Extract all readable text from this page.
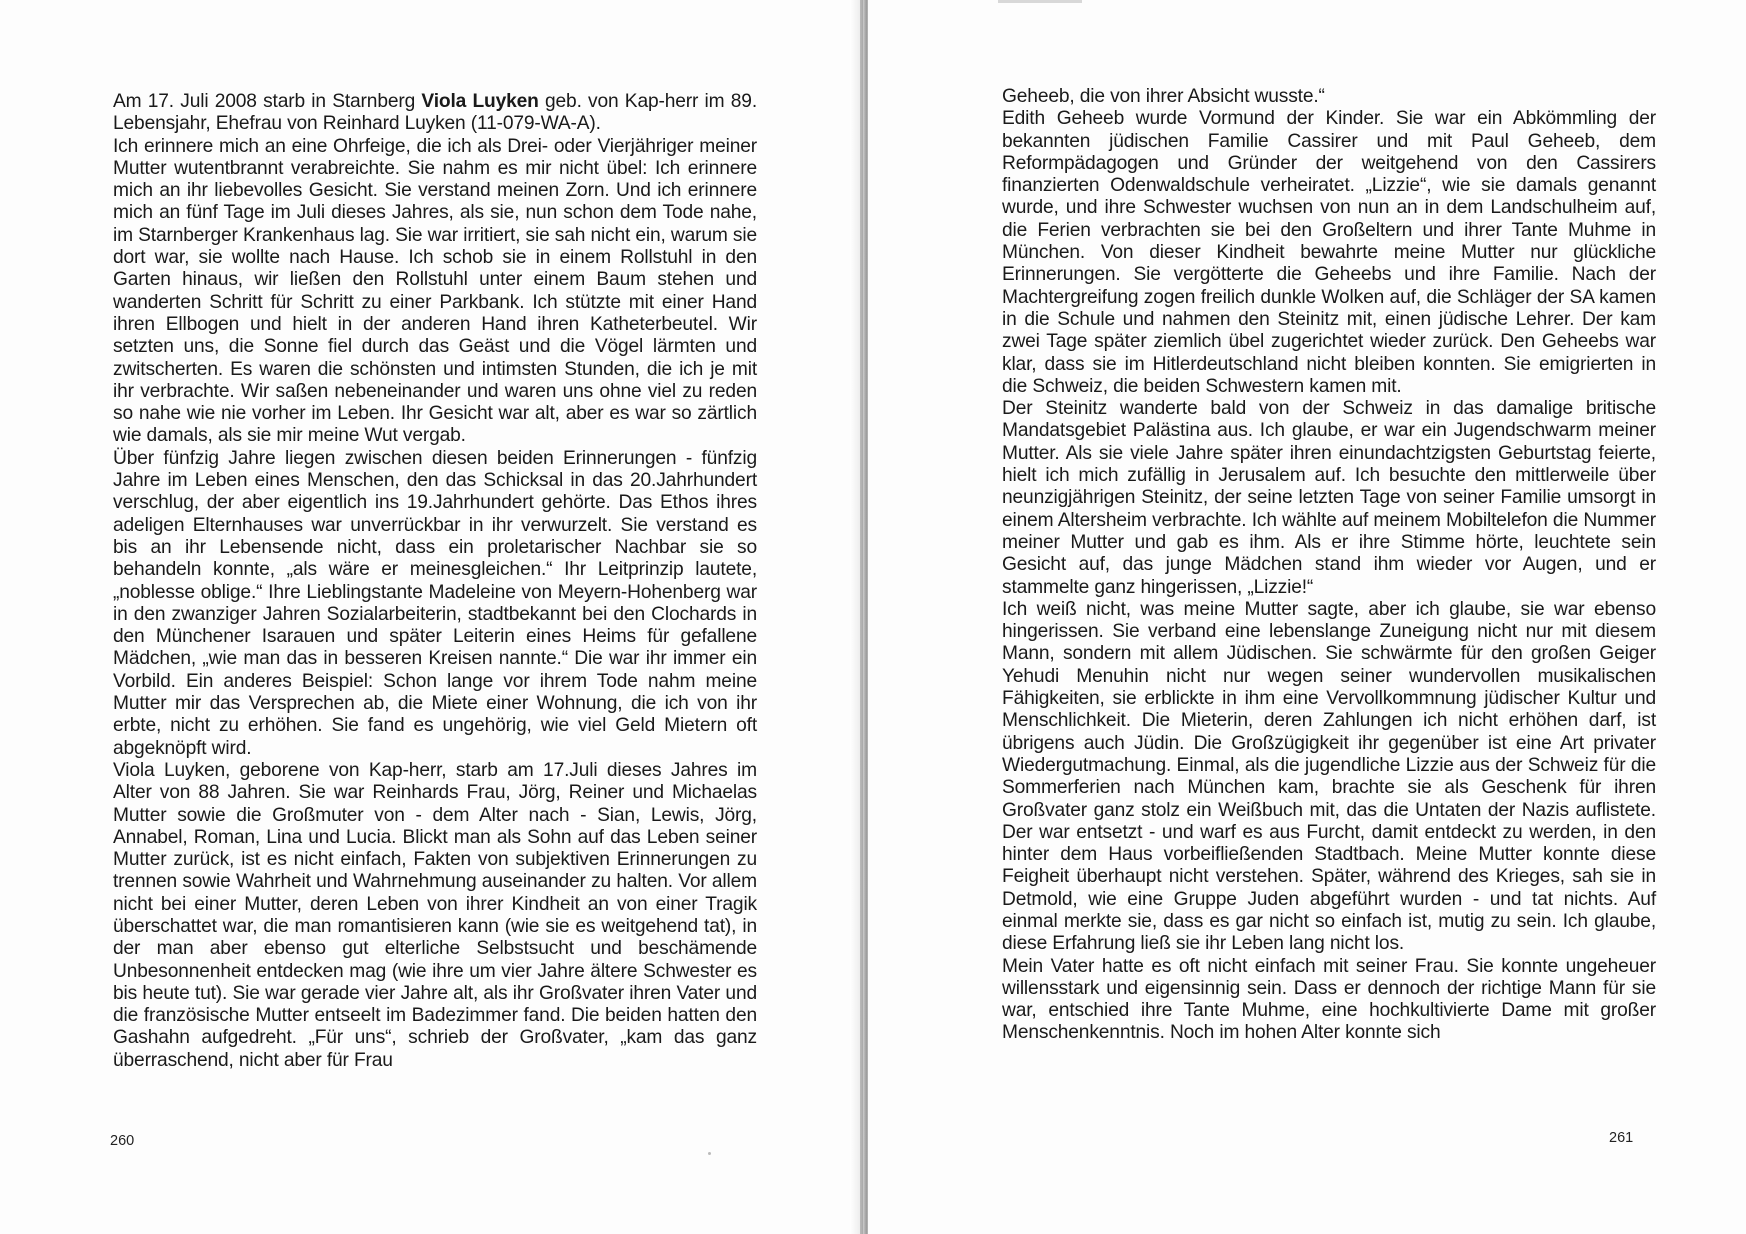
Am 17. Juli 2008 starb in Starnberg Viola Luyken geb. von Kap-herr im 89. Lebensjahr, Ehefrau von Reinhard Luyken (11-079-WA-A).

Ich erinnere mich an eine Ohrfeige, die ich als Drei- oder Vierjähriger meiner Mutter wutentbrannt verabreichte. Sie nahm es mir nicht übel: Ich erinnere mich an ihr liebevolles Gesicht. Sie verstand meinen Zorn. Und ich erinnere mich an fünf Tage im Juli dieses Jahres, als sie, nun schon dem Tode nahe, im Starnberger Krankenhaus lag. Sie war irritiert, sie sah nicht ein, warum sie dort war, sie wollte nach Hause. Ich schob sie in einem Rollstuhl in den Garten hinaus, wir ließen den Rollstuhl unter einem Baum stehen und wanderten Schritt für Schritt zu einer Parkbank. Ich stützte mit einer Hand ihren Ellbogen und hielt in der anderen Hand ihren Katheterbeutel. Wir setzten uns, die Sonne fiel durch das Geäst und die Vögel lärmten und zwitscherten. Es waren die schönsten und intimsten Stunden, die ich je mit ihr verbrachte. Wir saßen nebeneinander und waren uns ohne viel zu reden so nahe wie nie vorher im Leben. Ihr Gesicht war alt, aber es war so zärtlich wie damals, als sie mir meine Wut vergab.

Über fünfzig Jahre liegen zwischen diesen beiden Erinnerungen - fünfzig Jahre im Leben eines Menschen, den das Schicksal in das 20.Jahrhundert verschlug, der aber eigentlich ins 19.Jahrhundert gehörte. Das Ethos ihres adeligen Elternhauses war unverrückbar in ihr verwurzelt. Sie verstand es bis an ihr Lebensende nicht, dass ein proletarischer Nachbar sie so behandeln konnte, „als wäre er meinesgleichen.“ Ihr Leitprinzip lautete, „noblesse oblige.“ Ihre Lieblingstante Madeleine von Meyern-Hohenberg war in den zwanziger Jahren Sozialarbeiterin, stadtbekannt bei den Clochards in den Münchener Isarauen und später Leiterin eines Heims für gefallene Mädchen, „wie man das in besseren Kreisen nannte.“ Die war ihr immer ein Vorbild. Ein anderes Beispiel: Schon lange vor ihrem Tode nahm meine Mutter mir das Versprechen ab, die Miete einer Wohnung, die ich von ihr erbte, nicht zu erhöhen. Sie fand es ungehörig, wie viel Geld Mietern oft abgeknöpft wird.

Viola Luyken, geborene von Kap-herr, starb am 17.Juli dieses Jahres im Alter von 88 Jahren. Sie war Reinhards Frau, Jörg, Reiner und Michaelas Mutter sowie die Großmuter von - dem Alter nach - Sian, Lewis, Jörg, Annabel, Roman, Lina und Lucia. Blickt man als Sohn auf das Leben seiner Mutter zurück, ist es nicht einfach, Fakten von subjektiven Erinnerungen zu trennen sowie Wahrheit und Wahrnehmung auseinander zu halten. Vor allem nicht bei einer Mutter, deren Leben von ihrer Kindheit an von einer Tragik überschattet war, die man romantisieren kann (wie sie es weitgehend tat), in der man aber ebenso gut elterliche Selbstsucht und beschämende Unbesonnenheit entdecken mag (wie ihre um vier Jahre ältere Schwester es bis heute tut). Sie war gerade vier Jahre alt, als ihr Großvater ihren Vater und die französische Mutter entseelt im Badezimmer fand. Die beiden hatten den Gashahn aufgedreht. „Für uns“, schrieb der Großvater, „kam das ganz überraschend, nicht aber für Frau

260

Geheeb, die von ihrer Absicht wusste.“

Edith Geheeb wurde Vormund der Kinder. Sie war ein Abkömmling der bekannten jüdischen Familie Cassirer und mit Paul Geheeb, dem Reformpädagogen und Gründer der weitgehend von den Cassirers finanzierten Odenwaldschule verheiratet. „Lizzie“, wie sie damals genannt wurde, und ihre Schwester wuchsen von nun an in dem Landschulheim auf, die Ferien verbrachten sie bei den Großeltern und ihrer Tante Muhme in München. Von dieser Kindheit bewahrte meine Mutter nur glückliche Erinnerungen. Sie vergötterte die Geheebs und ihre Familie. Nach der Machtergreifung zogen freilich dunkle Wolken auf, die Schläger der SA kamen in die Schule und nahmen den Steinitz mit, einen jüdische Lehrer. Der kam zwei Tage später ziemlich übel zugerichtet wieder zurück. Den Geheebs war klar, dass sie im Hitlerdeutschland nicht bleiben konnten. Sie emigrierten in die Schweiz, die beiden Schwestern kamen mit.

Der Steinitz wanderte bald von der Schweiz in das damalige britische Mandatsgebiet Palästina aus. Ich glaube, er war ein Jugendschwarm meiner Mutter. Als sie viele Jahre später ihren einundachtzigsten Geburtstag feierte, hielt ich mich zufällig in Jerusalem auf. Ich besuchte den mittlerweile über neunzigjährigen Steinitz, der seine letzten Tage von seiner Familie umsorgt in einem Altersheim verbrachte. Ich wählte auf meinem Mobiltelefon die Nummer meiner Mutter und gab es ihm. Als er ihre Stimme hörte, leuchtete sein Gesicht auf, das junge Mädchen stand ihm wieder vor Augen, und er stammelte ganz hingerissen, „Lizzie!“

Ich weiß nicht, was meine Mutter sagte, aber ich glaube, sie war ebenso hingerissen. Sie verband eine lebenslange Zuneigung nicht nur mit diesem Mann, sondern mit allem Jüdischen. Sie schwärmte für den großen Geiger Yehudi Menuhin nicht nur wegen seiner wundervollen musikalischen Fähigkeiten, sie erblickte in ihm eine Vervollkommnung jüdischer Kultur und Menschlichkeit. Die Mieterin, deren Zahlungen ich nicht erhöhen darf, ist übrigens auch Jüdin. Die Großzügigkeit ihr gegenüber ist eine Art privater Wiedergutmachung. Einmal, als die jugendliche Lizzie aus der Schweiz für die Sommerferien nach München kam, brachte sie als Geschenk für ihren Großvater ganz stolz ein Weißbuch mit, das die Untaten der Nazis auflistete. Der war entsetzt - und warf es aus Furcht, damit entdeckt zu werden, in den hinter dem Haus vorbeifließenden Stadtbach. Meine Mutter konnte diese Feigheit überhaupt nicht verstehen. Später, während des Krieges, sah sie in Detmold, wie eine Gruppe Juden abgeführt wurden - und tat nichts. Auf einmal merkte sie, dass es gar nicht so einfach ist, mutig zu sein. Ich glaube, diese Erfahrung ließ sie ihr Leben lang nicht los.

Mein Vater hatte es oft nicht einfach mit seiner Frau. Sie konnte ungeheuer willensstark und eigensinnig sein. Dass er dennoch der richtige Mann für sie war, entschied ihre Tante Muhme, eine hochkultivierte Dame mit großer Menschenkenntnis. Noch im hohen Alter konnte sich

261
